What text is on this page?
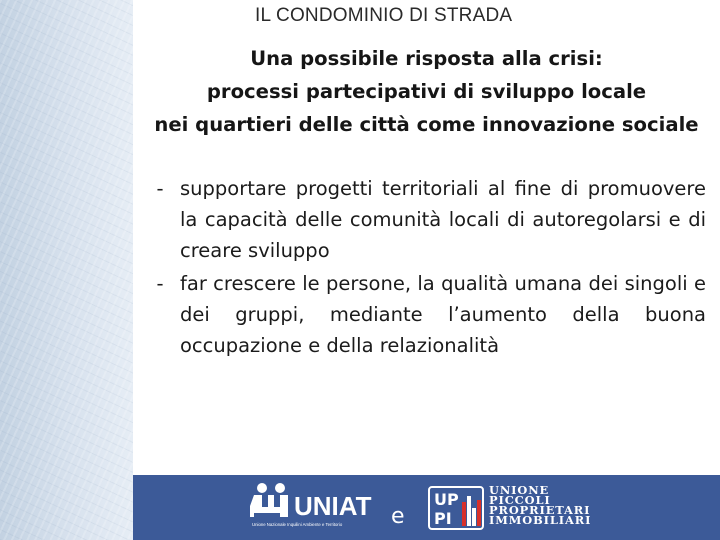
IL CONDOMINIO DI STRADA
Una possibile risposta alla crisi:
processi partecipativi di sviluppo locale
nei quartieri delle città come innovazione sociale
- supportare progetti territoriali al fine di promuovere la capacità delle comunità locali di autoregolarsi e di creare sviluppo
- far crescere le persone, la qualità umana dei singoli e dei gruppi, mediante l’aumento della buona occupazione e della relazionalità
UNIAT
Unione Nazionale Inquilini Ambiente e Territorio e
UP
PI
UNIONE
PICCOLI
PROPRIETARI
IMMOBILIARI
